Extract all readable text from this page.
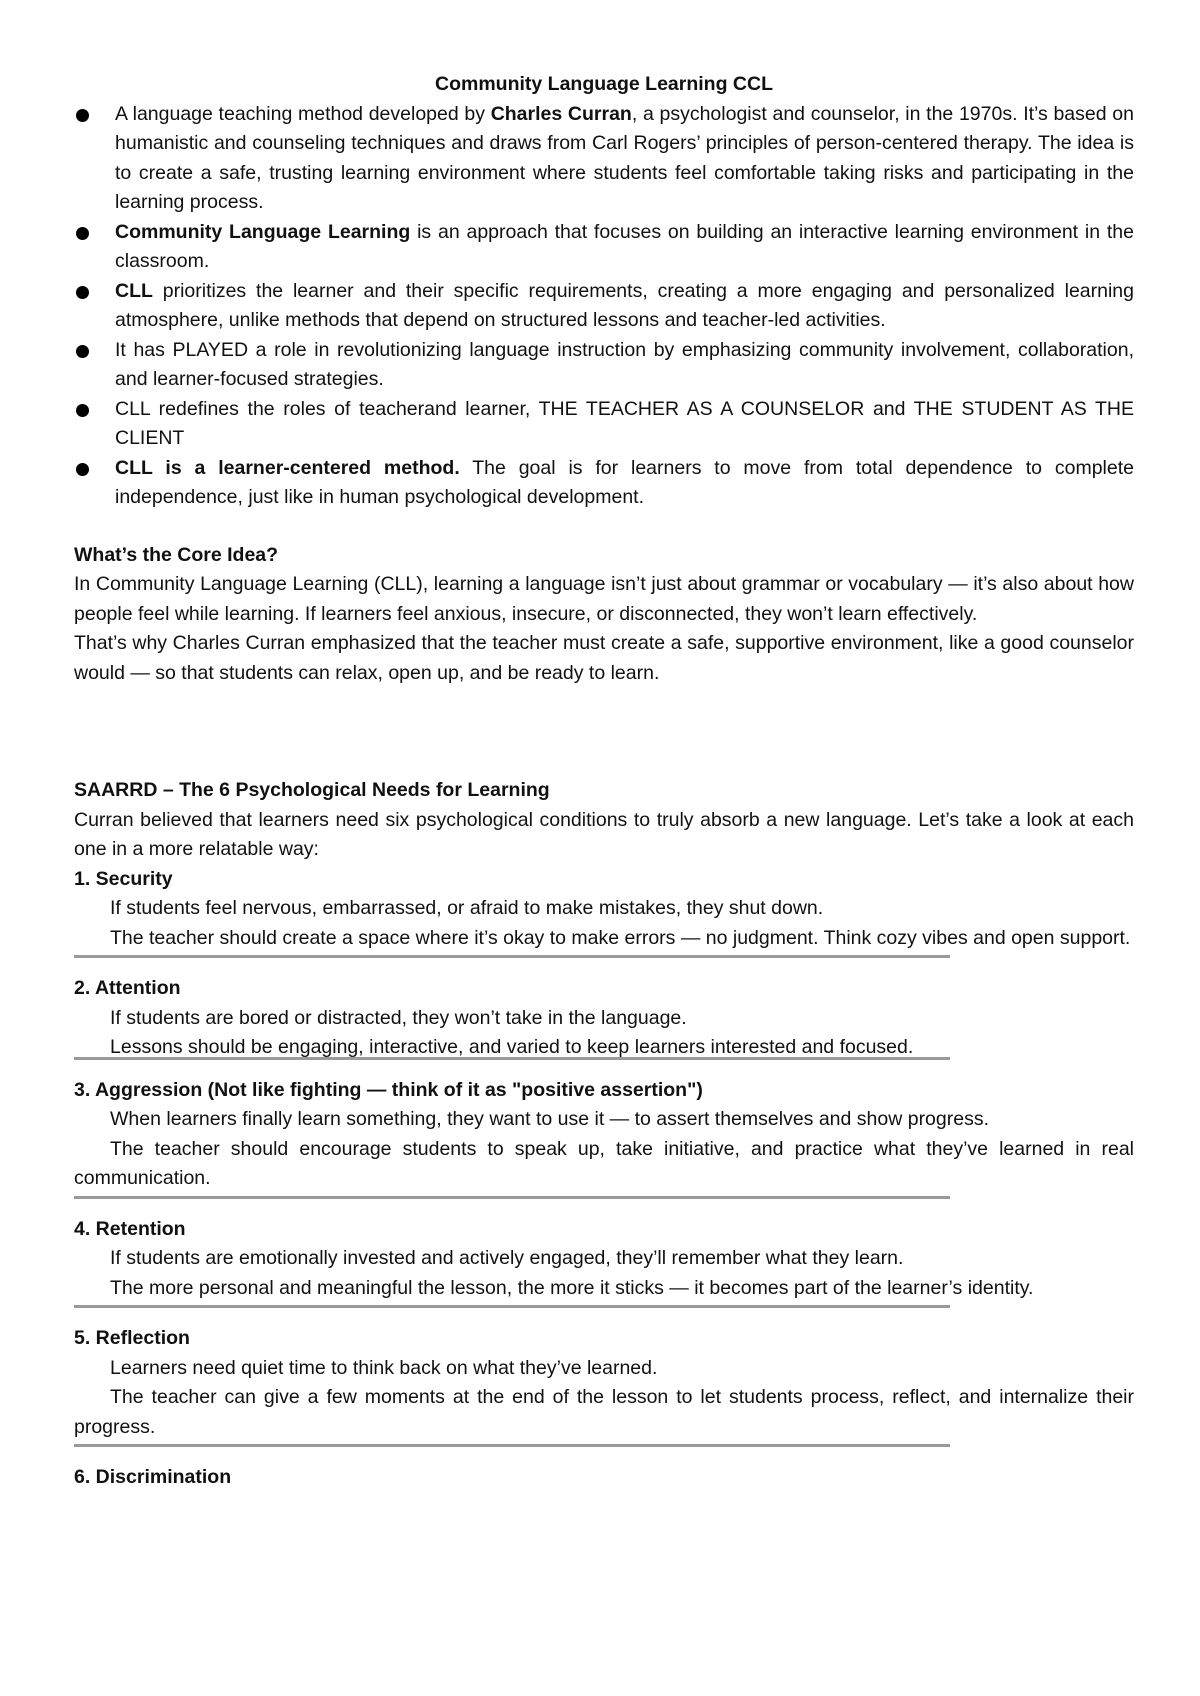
Community Language Learning CCL
A language teaching method developed by Charles Curran, a psychologist and counselor, in the 1970s. It’s based on humanistic and counseling techniques and draws from Carl Rogers’ principles of person-centered therapy. The idea is to create a safe, trusting learning environment where students feel comfortable taking risks and participating in the learning process.
Community Language Learning is an approach that focuses on building an interactive learning environment in the classroom.
CLL prioritizes the learner and their specific requirements, creating a more engaging and personalized learning atmosphere, unlike methods that depend on structured lessons and teacher-led activities.
It has PLAYED a role in revolutionizing language instruction by emphasizing community involvement, collaboration, and learner-focused strategies.
CLL redefines the roles of teacherand learner, THE TEACHER AS A COUNSELOR and THE STUDENT AS THE CLIENT
CLL is a learner-centered method. The goal is for learners to move from total dependence to complete independence, just like in human psychological development.
What’s the Core Idea?

In Community Language Learning (CLL), learning a language isn’t just about grammar or vocabulary — it’s also about how people feel while learning. If learners feel anxious, insecure, or disconnected, they won’t learn effectively.

That’s why Charles Curran emphasized that the teacher must create a safe, supportive environment, like a good counselor would — so that students can relax, open up, and be ready to learn.

SAARRD – The 6 Psychological Needs for Learning

Curran believed that learners need six psychological conditions to truly absorb a new language. Let’s take a look at each one in a more relatable way:

1. Security

If students feel nervous, embarrassed, or afraid to make mistakes, they shut down.

The teacher should create a space where it’s okay to make errors — no judgment. Think cozy vibes and open support.

2. Attention

If students are bored or distracted, they won’t take in the language.

Lessons should be engaging, interactive, and varied to keep learners interested and focused.

3. Aggression (Not like fighting — think of it as "positive assertion")

When learners finally learn something, they want to use it — to assert themselves and show progress.

The teacher should encourage students to speak up, take initiative, and practice what they’ve learned in real communication.

4. Retention

If students are emotionally invested and actively engaged, they’ll remember what they learn.

The more personal and meaningful the lesson, the more it sticks — it becomes part of the learner’s identity.

5. Reflection

Learners need quiet time to think back on what they’ve learned.

The teacher can give a few moments at the end of the lesson to let students process, reflect, and internalize their progress.

6. Discrimination
